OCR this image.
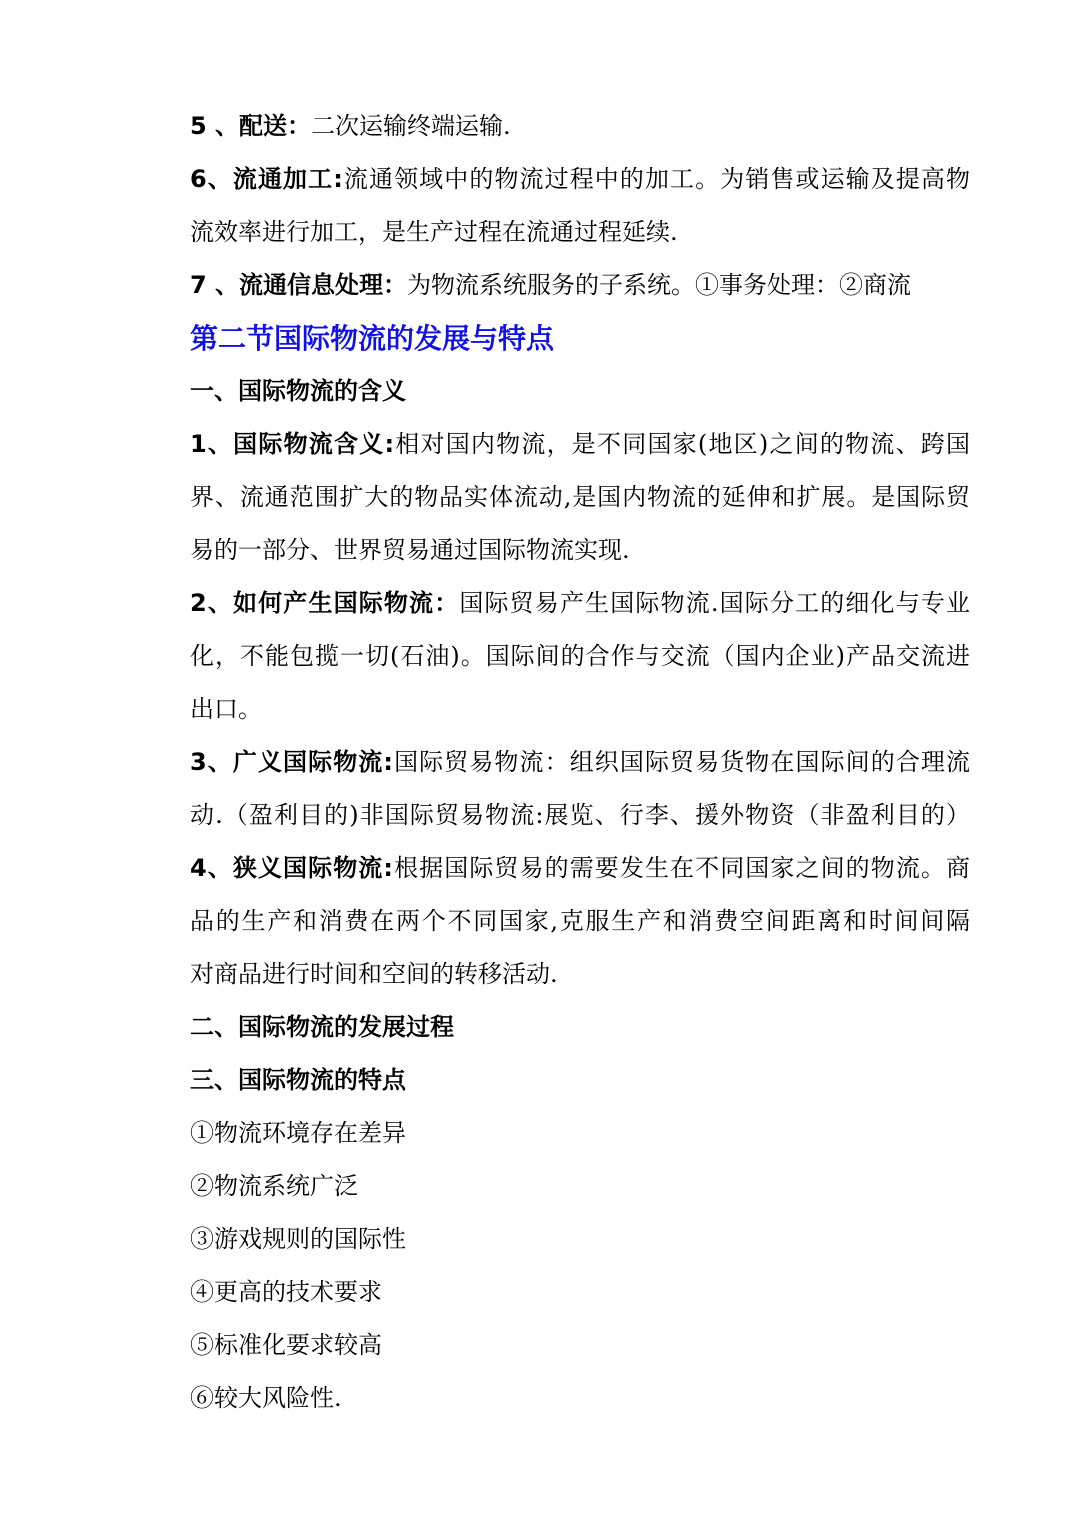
5 、配送：二次运输终端运输.

6、流通加工:流通领域中的物流过程中的加工。为销售或运输及提高物

流效率进行加工，是生产过程在流通过程延续.

7 、流通信息处理：为物流系统服务的子系统。①事务处理：②商流

第二节国际物流的发展与特点

一、国际物流的含义

1、国际物流含义:相对国内物流，是不同国家(地区)之间的物流、跨国

界、流通范围扩大的物品实体流动,是国内物流的延伸和扩展。是国际贸

易的一部分、世界贸易通过国际物流实现.

2、如何产生国际物流：国际贸易产生国际物流.国际分工的细化与专业

化，不能包揽一切(石油)。国际间的合作与交流（国内企业)产品交流进

出口。

3、广义国际物流:国际贸易物流：组织国际贸易货物在国际间的合理流

动.（盈利目的)非国际贸易物流:展览、行李、援外物资（非盈利目的）

4、狭义国际物流:根据国际贸易的需要发生在不同国家之间的物流。商

品的生产和消费在两个不同国家,克服生产和消费空间距离和时间间隔

对商品进行时间和空间的转移活动.

二、国际物流的发展过程

三、国际物流的特点

①物流环境存在差异

②物流系统广泛

③游戏规则的国际性

④更高的技术要求

⑤标准化要求较高

⑥较大风险性.
